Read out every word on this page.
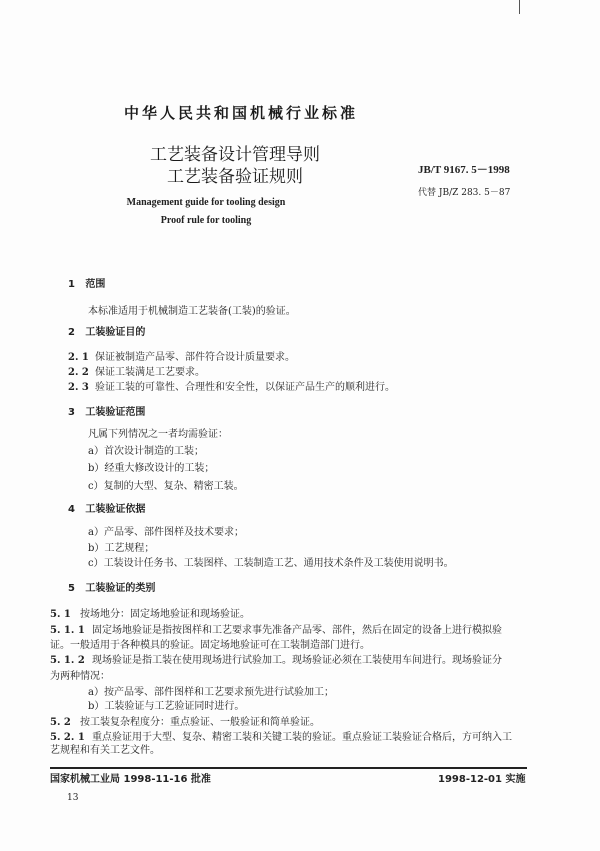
中华人民共和国机械行业标准
工艺装备设计管理导则
工艺装备验证规则	JB/T 9167. 5－1998
代替 JB/Z 283. 5－87
Management guide for tooling design
Proof rule for tooling
1 范围
本标准适用于机械制造工艺装备(工装)的验证。
2 工装验证目的
2. 1 保证被制造产品零、部件符合设计质量要求。
2. 2 保证工装满足工艺要求。
2. 3 验证工装的可靠性、合理性和安全性，以保证产品生产的顺利进行。
3 工装验证范围
凡属下列情况之一者均需验证：
a）首次设计制造的工装；
b）经重大修改设计的工装；
c）复制的大型、复杂、精密工装。
4 工装验证依据
a）产品零、部件图样及技术要求；
b）工艺规程；
c）工装设计任务书、工装图样、工装制造工艺、通用技术条件及工装使用说明书。
5 工装验证的类别
5. 1 按场地分：固定场地验证和现场验证。
5. 1. 1 固定场地验证是指按图样和工艺要求事先准备产品零、部件，然后在固定的设备上进行模拟验
证。一般适用于各种模具的验证。固定场地验证可在工装制造部门进行。
5. 1. 2 现场验证是指工装在使用现场进行试验加工。现场验证必须在工装使用车间进行。现场验证分
为两种情况：
a）按产品零、部件图样和工艺要求预先进行试验加工；
b）工装验证与工艺验证同时进行。
5. 2 按工装复杂程度分：重点验证、一般验证和简单验证。
5. 2. 1 重点验证用于大型、复杂、精密工装和关键工装的验证。重点验证工装验证合格后，方可纳入工
艺规程和有关工艺文件。
国家机械工业局 1998-11-16 批准	1998-12-01 实施
13
